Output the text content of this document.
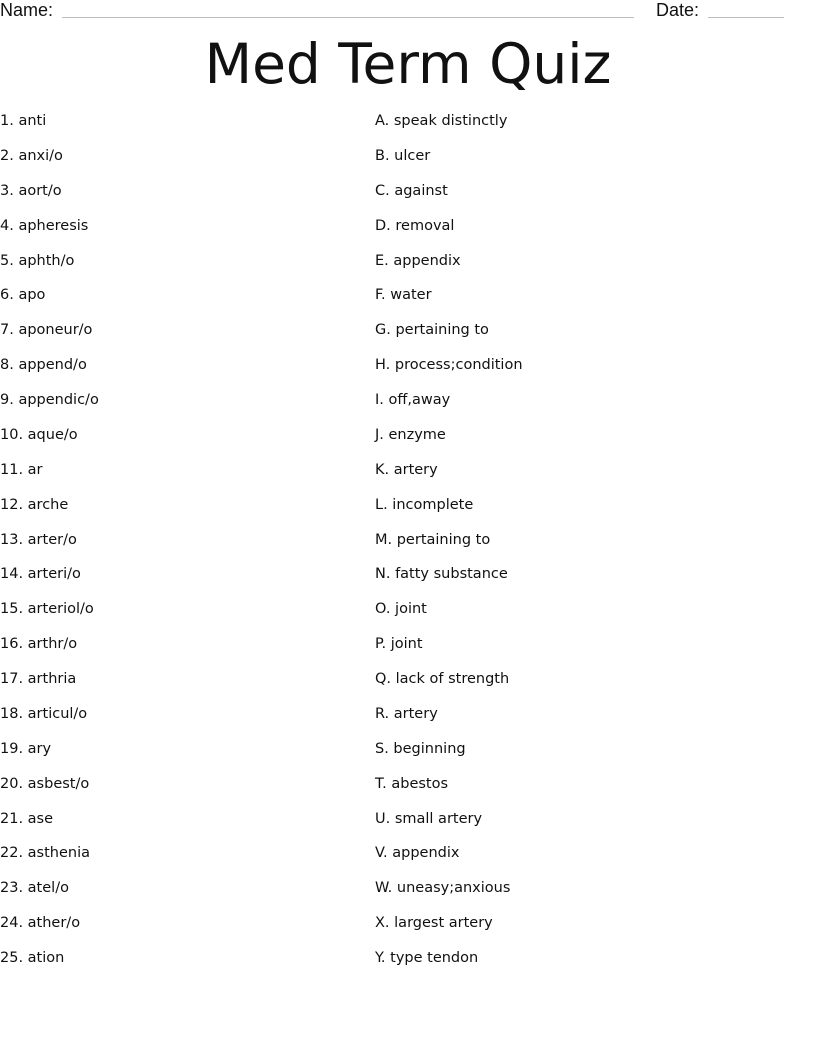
Name:	Date:
Med Term Quiz
1. anti
2. anxi/o
3. aort/o
4. apheresis
5. aphth/o
6. apo
7. aponeur/o
8. append/o
9. appendic/o
10. aque/o
11. ar
12. arche
13. arter/o
14. arteri/o
15. arteriol/o
16. arthr/o
17. arthria
18. articul/o
19. ary
20. asbest/o
21. ase
22. asthenia
23. atel/o
24. ather/o
25. ation
A. speak distinctly
B. ulcer
C. against
D. removal
E. appendix
F. water
G. pertaining to
H. process;condition
I. off,away
J. enzyme
K. artery
L. incomplete
M. pertaining to
N. fatty substance
O. joint
P. joint
Q. lack of strength
R. artery
S. beginning
T. abestos
U. small artery
V. appendix
W. uneasy;anxious
X. largest artery
Y. type tendon
